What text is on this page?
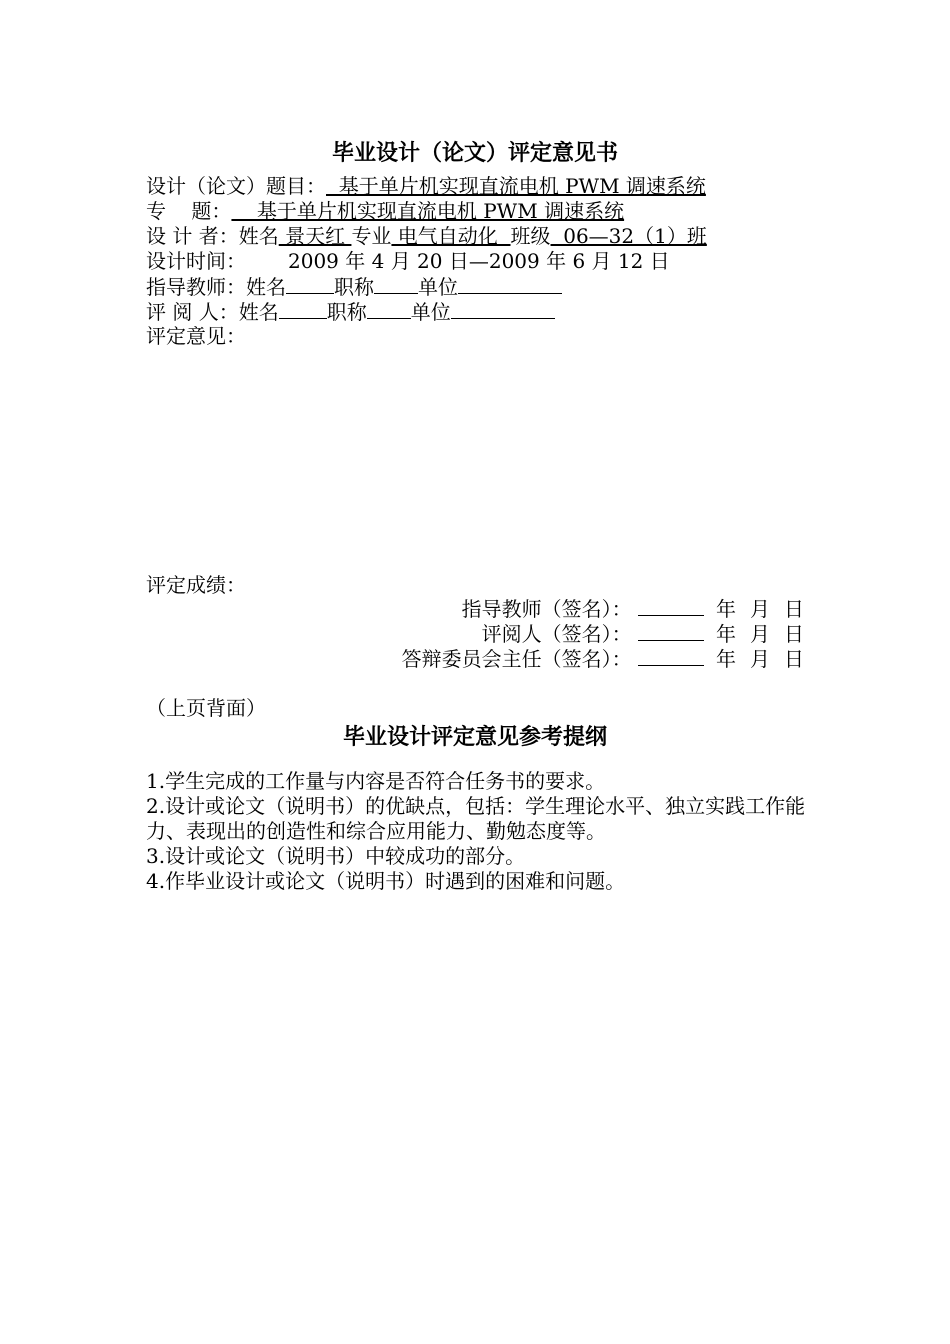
毕业设计（论文）评定意见书
设计（论文）题目：  基于单片机实现直流电机 PWM 调速系统
专    题：    基于单片机实现直流电机 PWM 调速系统
设 计 者：姓名 景天红 专业 电气自动化  班级  06—32（1）班
设计时间： 2009 年 4 月 20 日—2009 年 6 月 12 日
指导教师：姓名 职称 单位
评 阅 人：姓名 职称 单位
评定意见：
评定成绩：
指导教师（签名）：	年 月 日
评阅人（签名）：	年 月 日
答辩委员会主任（签名）：	年 月 日
（上页背面）
毕业设计评定意见参考提纲
1.学生完成的工作量与内容是否符合任务书的要求。
2.设计或论文（说明书）的优缺点，包括：学生理论水平、独立实践工作能力、表现出的创造性和综合应用能力、勤勉态度等。
3.设计或论文（说明书）中较成功的部分。
4.作毕业设计或论文（说明书）时遇到的困难和问题。
